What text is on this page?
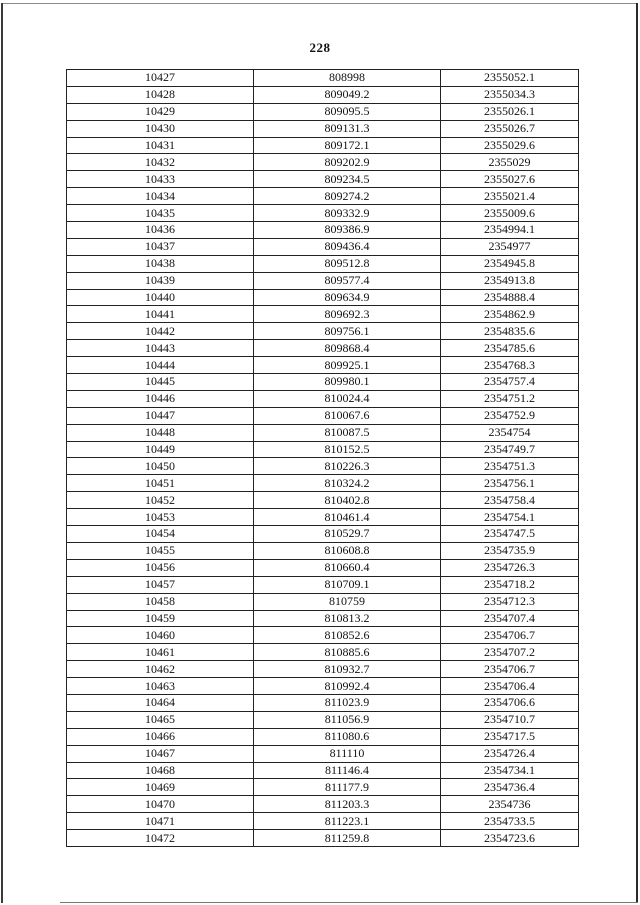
228
10427	808998	2355052.1
10428	809049.2	2355034.3
10429	809095.5	2355026.1
10430	809131.3	2355026.7
10431	809172.1	2355029.6
10432	809202.9	2355029
10433	809234.5	2355027.6
10434	809274.2	2355021.4
10435	809332.9	2355009.6
10436	809386.9	2354994.1
10437	809436.4	2354977
10438	809512.8	2354945.8
10439	809577.4	2354913.8
10440	809634.9	2354888.4
10441	809692.3	2354862.9
10442	809756.1	2354835.6
10443	809868.4	2354785.6
10444	809925.1	2354768.3
10445	809980.1	2354757.4
10446	810024.4	2354751.2
10447	810067.6	2354752.9
10448	810087.5	2354754
10449	810152.5	2354749.7
10450	810226.3	2354751.3
10451	810324.2	2354756.1
10452	810402.8	2354758.4
10453	810461.4	2354754.1
10454	810529.7	2354747.5
10455	810608.8	2354735.9
10456	810660.4	2354726.3
10457	810709.1	2354718.2
10458	810759	2354712.3
10459	810813.2	2354707.4
10460	810852.6	2354706.7
10461	810885.6	2354707.2
10462	810932.7	2354706.7
10463	810992.4	2354706.4
10464	811023.9	2354706.6
10465	811056.9	2354710.7
10466	811080.6	2354717.5
10467	811110	2354726.4
10468	811146.4	2354734.1
10469	811177.9	2354736.4
10470	811203.3	2354736
10471	811223.1	2354733.5
10472	811259.8	2354723.6
